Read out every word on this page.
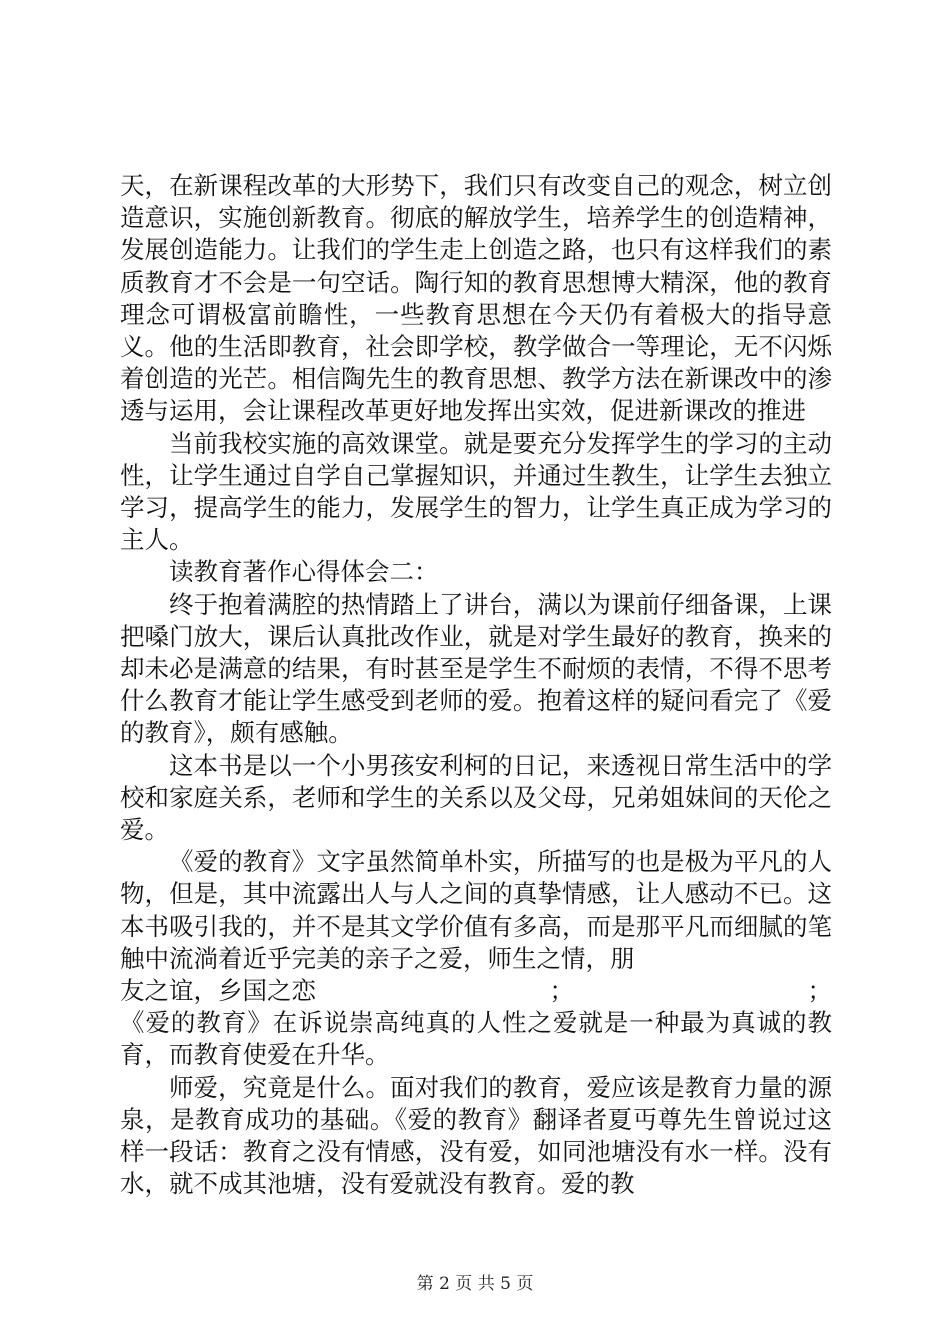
天，在新课程改革的大形势下，我们只有改变自己的观念，树立创造意识，实施创新教育。彻底的解放学生，培养学生的创造精神，发展创造能力。让我们的学生走上创造之路，也只有这样我们的素质教育才不会是一句空话。陶行知的教育思想博大精深，他的教育理念可谓极富前瞻性，一些教育思想在今天仍有着极大的指导意义。他的生活即教育，社会即学校，教学做合一等理论，无不闪烁着创造的光芒。相信陶先生的教育思想、教学方法在新课改中的渗透与运用，会让课程改革更好地发挥出实效，促进新课改的推进

当前我校实施的高效课堂。就是要充分发挥学生的学习的主动性，让学生通过自学自己掌握知识，并通过生教生，让学生去独立学习，提高学生的能力，发展学生的智力，让学生真正成为学习的主人。

读教育著作心得体会二：

终于抱着满腔的热情踏上了讲台，满以为课前仔细备课，上课把嗓门放大，课后认真批改作业，就是对学生最好的教育，换来的却未必是满意的结果，有时甚至是学生不耐烦的表情，不得不思考什么教育才能让学生感受到老师的爱。抱着这样的疑问看完了《爱的教育》，颇有感触。

这本书是以一个小男孩安利柯的日记，来透视日常生活中的学校和家庭关系，老师和学生的关系以及父母，兄弟姐妹间的天伦之爱。

《爱的教育》文字虽然简单朴实，所描写的也是极为平凡的人物，但是，其中流露出人与人之间的真挚情感，让人感动不已。这本书吸引我的，并不是其文学价值有多高，而是那平凡而细腻的笔触中流淌着近乎完美的亲子之爱，师生之情，朋

友之谊，乡国之恋	；	；

《爱的教育》在诉说崇高纯真的人性之爱就是一种最为真诚的教育，而教育使爱在升华。

师爱，究竟是什么。面对我们的教育，爱应该是教育力量的源泉，是教育成功的基础。《爱的教育》翻译者夏丏尊先生曾说过这样一段话：教育之没有情感，没有爱，如同池塘没有水一样。没有水，就不成其池塘，没有爱就没有教育。爱的教

第 2 页 共 5 页
